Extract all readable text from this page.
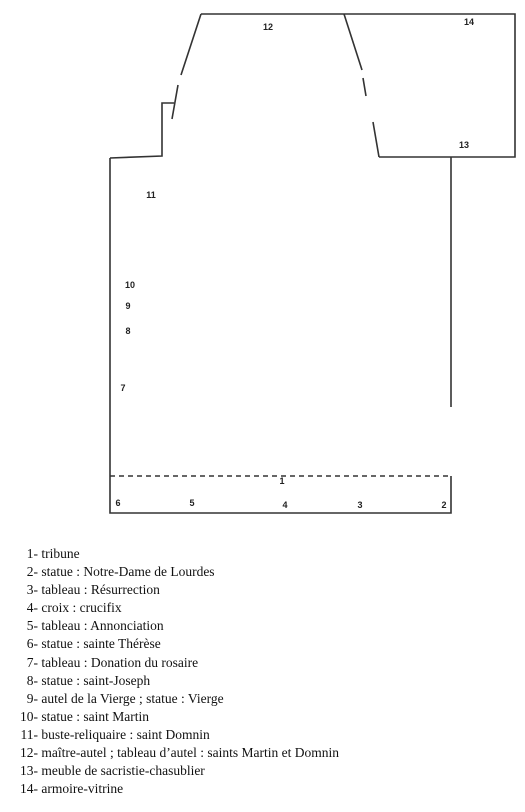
1
2
3
4
5
6
7
8
9
10
11
12
13
14
1- tribune
2- statue : Notre-Dame de Lourdes
3- tableau : Résurrection
4- croix : crucifix
5- tableau : Annonciation
6- statue : sainte Thérèse
7- tableau : Donation du rosaire
8- statue : saint-Joseph
9- autel de la Vierge ; statue : Vierge
10- statue : saint Martin
11- buste-reliquaire : saint Domnin
12- maître-autel ; tableau d’autel : saints Martin et Domnin
13- meuble de sacristie-chasublier
14- armoire-vitrine
